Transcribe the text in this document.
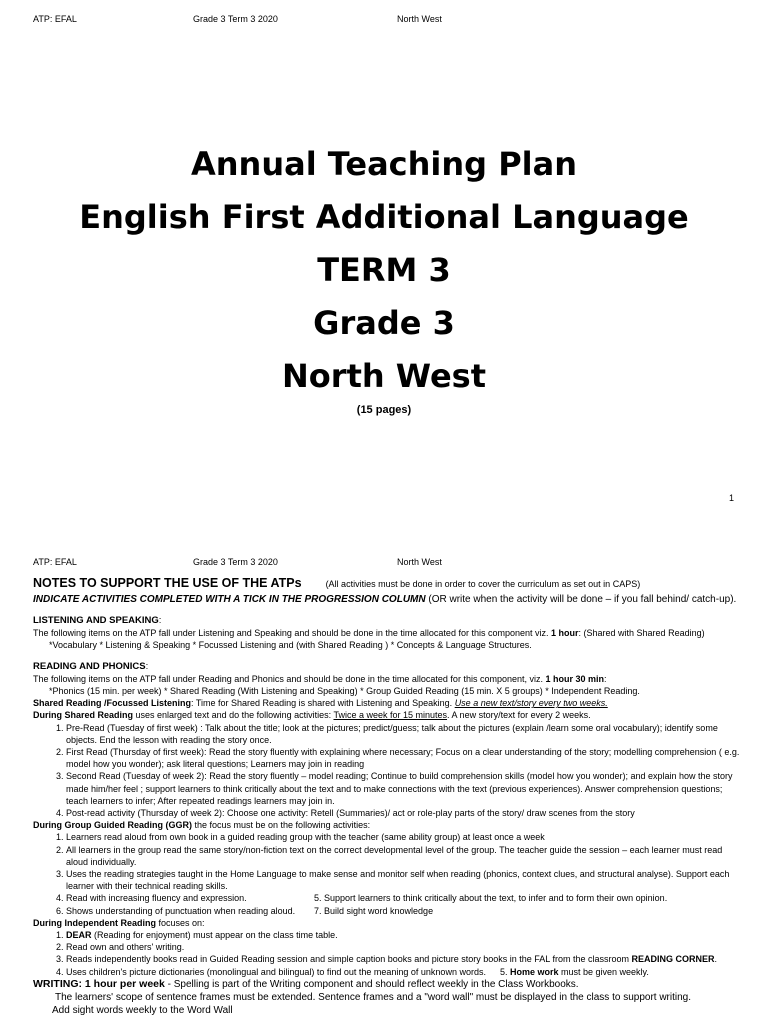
ATP: EFAL	Grade 3 Term 3 2020	North West
Annual Teaching Plan
English First Additional Language
TERM 3
Grade 3
North West
(15 pages)
1
ATP: EFAL	Grade 3 Term 3 2020	North West
NOTES TO SUPPORT THE USE OF THE ATPs	(All activities must be done in order to cover the curriculum as set out in CAPS)
INDICATE ACTIVITIES COMPLETED WITH A TICK IN THE PROGRESSION COLUMN (OR write when the activity will be done – if you fall behind/ catch-up).
LISTENING AND SPEAKING:
The following items on the ATP fall under Listening and Speaking and should be done in the time allocated for this component viz. 1 hour: (Shared with Shared Reading)
*Vocabulary * Listening & Speaking * Focussed Listening and (with Shared Reading ) * Concepts & Language Structures.
READING AND PHONICS:
The following items on the ATP fall under Reading and Phonics and should be done in the time allocated for this component, viz. 1 hour 30 min:
*Phonics (15 min. per week) * Shared Reading (With Listening and Speaking) * Group Guided Reading (15 min. X 5 groups) * Independent Reading.
Shared Reading /Focussed Listening: Time for Shared Reading is shared with Listening and Speaking. Use a new text/story every two weeks.
During Shared Reading uses enlarged text and do the following activities: Twice a week for 15 minutes. A new story/text for every 2 weeks.
1. Pre-Read (Tuesday of first week) : Talk about the title; look at the pictures; predict/guess; talk about the pictures (explain /learn some oral vocabulary); identify some objects. End the lesson with reading the story once.
2. First Read (Thursday of first week): Read the story fluently with explaining where necessary; Focus on a clear understanding of the story; modelling comprehension ( e.g. model how you wonder); ask literal questions; Learners may join in reading
3. Second Read (Tuesday of week 2): Read the story fluently – model reading; Continue to build comprehension skills (model how you wonder); and explain how the story made him/her feel ; support learners to think critically about the text and to make connections with the text (previous experiences). Answer comprehension questions; teach learners to infer; After repeated readings learners may join in.
4. Post-read activity (Thursday of week 2): Choose one activity: Retell (Summaries)/ act or role-play parts of the story/ draw scenes from the story
During Group Guided Reading (GGR) the focus must be on the following activities:
1. Learners read aloud from own book in a guided reading group with the teacher (same ability group) at least once a week
2. All learners in the group read the same story/non-fiction text on the correct developmental level of the group. The teacher guide the session – each learner must read aloud individually.
3. Uses the reading strategies taught in the Home Language to make sense and monitor self when reading (phonics, context clues, and structural analyse). Support each learner with their technical reading skills.
4. Read with increasing fluency and expression.	5. Support learners to think critically about the text, to infer and to form their own opinion.
6. Shows understanding of punctuation when reading aloud. 7. Build sight word knowledge
During Independent Reading focuses on:
1. DEAR (Reading for enjoyment) must appear on the class time table.
2. Read own and others' writing.
3. Reads independently books read in Guided Reading session and simple caption books and picture story books in the FAL from the classroom READING CORNER.
4. Uses children's picture dictionaries (monolingual and bilingual) to find out the meaning of unknown words. 5. Home work must be given weekly.
WRITING: 1 hour per week - Spelling is part of the Writing component and should reflect weekly in the Class Workbooks.
The learners' scope of sentence frames must be extended. Sentence frames and a "word wall" must be displayed in the class to support writing.
Add sight words weekly to the Word Wall
